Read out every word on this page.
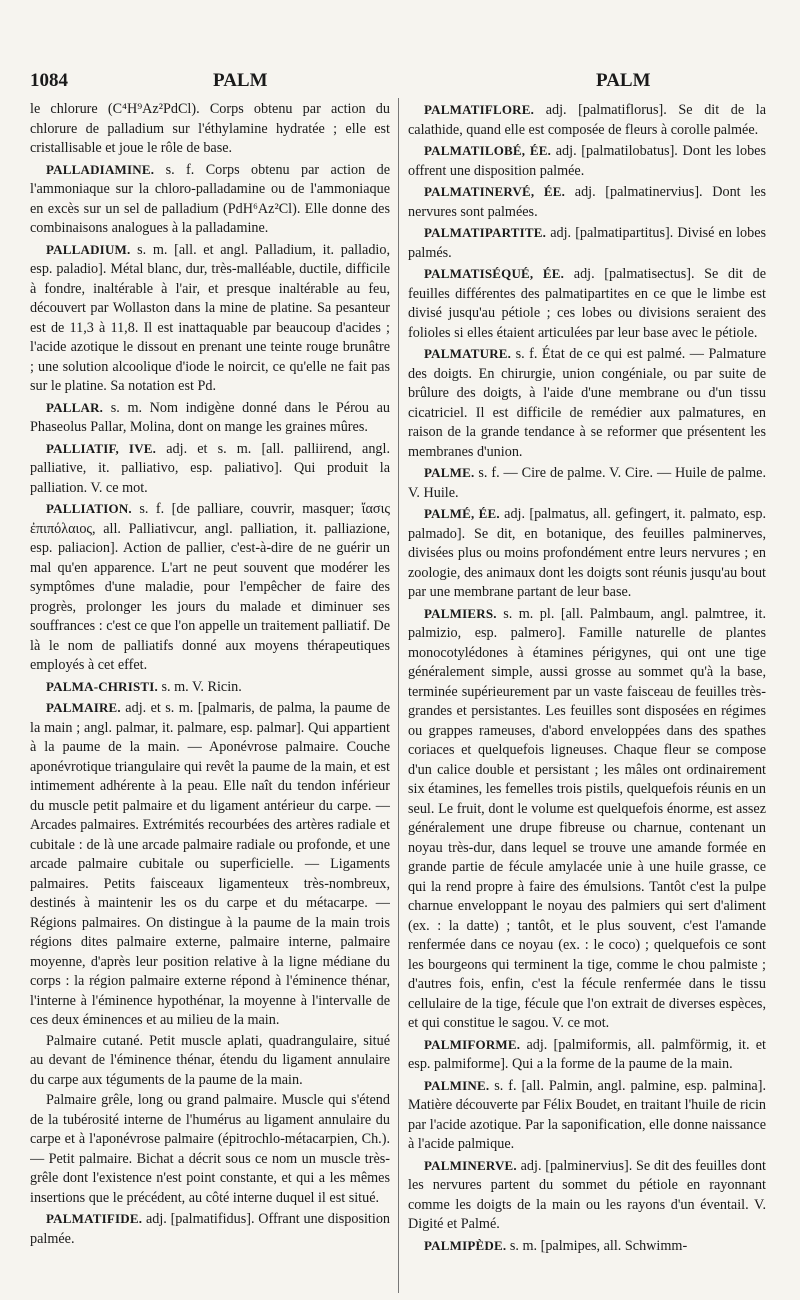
1084	PALM	PALM

le chlorure (C⁴H⁹Az²PdCl). Corps obtenu par action du chlorure de palladium sur l'éthylamine hydratée ; elle est cristallisable et joue le rôle de base.

PALLADIAMINE. s. f. Corps obtenu par action de l'ammoniaque sur la chloro-palladamine ou de l'ammoniaque en excès sur un sel de palladium (PdH⁶Az²Cl). Elle donne des combinaisons analogues à la palladamine.

PALLADIUM. s. m. [all. et angl. Palladium, it. palladio, esp. paladio]. Métal blanc, dur, très-malléable, ductile, difficile à fondre, inaltérable à l'air, et presque inaltérable au feu, découvert par Wollaston dans la mine de platine. Sa pesanteur est de 11,3 à 11,8. Il est inattaquable par beaucoup d'acides ; l'acide azotique le dissout en prenant une teinte rouge brunâtre ; une solution alcoolique d'iode le noircit, ce qu'elle ne fait pas sur le platine. Sa notation est Pd.

PALLAR. s. m. Nom indigène donné dans le Pérou au Phaseolus Pallar, Molina, dont on mange les graines mûres.

PALLIATIF, IVE. adj. et s. m. [all. palliirend, angl. palliative, it. palliativo, esp. paliativo]. Qui produit la palliation. V. ce mot.

PALLIATION. s. f. [de palliare, couvrir, masquer; ἴασις ἐπιπόλαιος, all. Palliativcur, angl. palliation, it. palliazione, esp. paliacion]. Action de pallier, c'est-à-dire de ne guérir un mal qu'en apparence. L'art ne peut souvent que modérer les symptômes d'une maladie, pour l'empêcher de faire des progrès, prolonger les jours du malade et diminuer ses souffrances : c'est ce que l'on appelle un traitement palliatif. De là le nom de palliatifs donné aux moyens thérapeutiques employés à cet effet.

PALMA-CHRISTI. s. m. V. Ricin.

PALMAIRE. adj. et s. m. [palmaris, de palma, la paume de la main ; angl. palmar, it. palmare, esp. palmar]. Qui appartient à la paume de la main. — Aponévrose palmaire. Couche aponévrotique triangulaire qui revêt la paume de la main, et est intimement adhérente à la peau. Elle naît du tendon inférieur du muscle petit palmaire et du ligament antérieur du carpe. — Arcades palmaires. Extrémités recourbées des artères radiale et cubitale : de là une arcade palmaire radiale ou profonde, et une arcade palmaire cubitale ou superficielle. — Ligaments palmaires. Petits faisceaux ligamenteux très-nombreux, destinés à maintenir les os du carpe et du métacarpe. — Régions palmaires. On distingue à la paume de la main trois régions dites palmaire externe, palmaire interne, palmaire moyenne, d'après leur position relative à la ligne médiane du corps : la région palmaire externe répond à l'éminence thénar, l'interne à l'éminence hypothénar, la moyenne à l'intervalle de ces deux éminences et au milieu de la main.

Palmaire cutané. Petit muscle aplati, quadrangulaire, situé au devant de l'éminence thénar, étendu du ligament annulaire du carpe aux téguments de la paume de la main.

Palmaire grêle, long ou grand palmaire. Muscle qui s'étend de la tubérosité interne de l'humérus au ligament annulaire du carpe et à l'aponévrose palmaire (épitrochlo-métacarpien, Ch.). — Petit palmaire. Bichat a décrit sous ce nom un muscle très-grêle dont l'existence n'est point constante, et qui a les mêmes insertions que le précédent, au côté interne duquel il est situé.

PALMATIFIDE. adj. [palmatifidus]. Offrant une disposition palmée.

PALMATIFLORE. adj. [palmatiflorus]. Se dit de la calathide, quand elle est composée de fleurs à corolle palmée.

PALMATILOBÉ, ÉE. adj. [palmatilobatus]. Dont les lobes offrent une disposition palmée.

PALMATINERVÉ, ÉE. adj. [palmatinervius]. Dont les nervures sont palmées.

PALMATIPARTITE. adj. [palmatipartitus]. Divisé en lobes palmés.

PALMATISÉQUÉ, ÉE. adj. [palmatisectus]. Se dit de feuilles différentes des palmatipartites en ce que le limbe est divisé jusqu'au pétiole ; ces lobes ou divisions seraient des folioles si elles étaient articulées par leur base avec le pétiole.

PALMATURE. s. f. État de ce qui est palmé. — Palmature des doigts. En chirurgie, union congéniale, ou par suite de brûlure des doigts, à l'aide d'une membrane ou d'un tissu cicatriciel. Il est difficile de remédier aux palmatures, en raison de la grande tendance à se reformer que présentent les membranes d'union.

PALME. s. f. — Cire de palme. V. Cire. — Huile de palme. V. Huile.

PALMÉ, ÉE. adj. [palmatus, all. gefingert, it. palmato, esp. palmado]. Se dit, en botanique, des feuilles palminerves, divisées plus ou moins profondément entre leurs nervures ; en zoologie, des animaux dont les doigts sont réunis jusqu'au bout par une membrane partant de leur base.

PALMIERS. s. m. pl. [all. Palmbaum, angl. palmtree, it. palmizio, esp. palmero]. Famille naturelle de plantes monocotylédones à étamines périgynes, qui ont une tige généralement simple, aussi grosse au sommet qu'à la base, terminée supérieurement par un vaste faisceau de feuilles très-grandes et persistantes. Les feuilles sont disposées en régimes ou grappes rameuses, d'abord enveloppées dans des spathes coriaces et quelquefois ligneuses. Chaque fleur se compose d'un calice double et persistant ; les mâles ont ordinairement six étamines, les femelles trois pistils, quelquefois réunis en un seul. Le fruit, dont le volume est quelquefois énorme, est assez généralement une drupe fibreuse ou charnue, contenant un noyau très-dur, dans lequel se trouve une amande formée en grande partie de fécule amylacée unie à une huile grasse, ce qui la rend propre à faire des émulsions. Tantôt c'est la pulpe charnue enveloppant le noyau des palmiers qui sert d'aliment (ex. : la datte) ; tantôt, et le plus souvent, c'est l'amande renfermée dans ce noyau (ex. : le coco) ; quelquefois ce sont les bourgeons qui terminent la tige, comme le chou palmiste ; d'autres fois, enfin, c'est la fécule renfermée dans le tissu cellulaire de la tige, fécule que l'on extrait de diverses espèces, et qui constitue le sagou. V. ce mot.

PALMIFORME. adj. [palmiformis, all. palmförmig, it. et esp. palmiforme]. Qui a la forme de la paume de la main.

PALMINE. s. f. [all. Palmin, angl. palmine, esp. palmina]. Matière découverte par Félix Boudet, en traitant l'huile de ricin par l'acide azotique. Par la saponification, elle donne naissance à l'acide palmique.

PALMINERVE. adj. [palminervius]. Se dit des feuilles dont les nervures partent du sommet du pétiole en rayonnant comme les doigts de la main ou les rayons d'un éventail. V. Digité et Palmé.

PALMIPÈDE. s. m. [palmipes, all. Schwimm-
